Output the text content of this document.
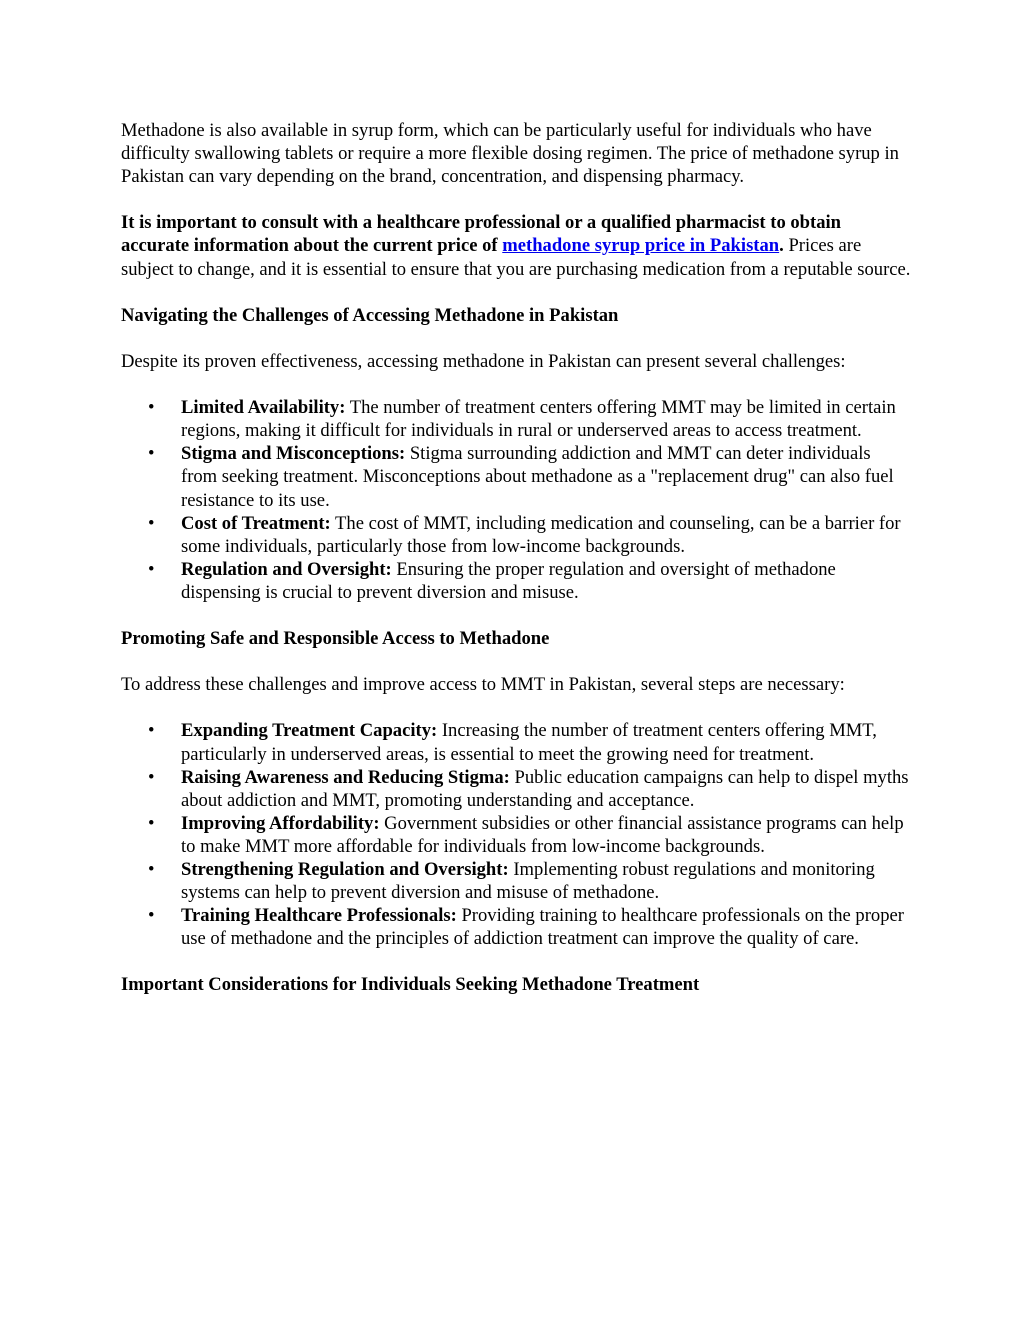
Methadone is also available in syrup form, which can be particularly useful for individuals who have difficulty swallowing tablets or require a more flexible dosing regimen. The price of methadone syrup in Pakistan can vary depending on the brand, concentration, and dispensing pharmacy.

It is important to consult with a healthcare professional or a qualified pharmacist to obtain accurate information about the current price of methadone syrup price in Pakistan. Prices are subject to change, and it is essential to ensure that you are purchasing medication from a reputable source.

Navigating the Challenges of Accessing Methadone in Pakistan

Despite its proven effectiveness, accessing methadone in Pakistan can present several challenges:

• Limited Availability: The number of treatment centers offering MMT may be limited in certain regions, making it difficult for individuals in rural or underserved areas to access treatment.
• Stigma and Misconceptions: Stigma surrounding addiction and MMT can deter individuals from seeking treatment. Misconceptions about methadone as a "replacement drug" can also fuel resistance to its use.
• Cost of Treatment: The cost of MMT, including medication and counseling, can be a barrier for some individuals, particularly those from low-income backgrounds.
• Regulation and Oversight: Ensuring the proper regulation and oversight of methadone dispensing is crucial to prevent diversion and misuse.
Promoting Safe and Responsible Access to Methadone

To address these challenges and improve access to MMT in Pakistan, several steps are necessary:

• Expanding Treatment Capacity: Increasing the number of treatment centers offering MMT, particularly in underserved areas, is essential to meet the growing need for treatment.
• Raising Awareness and Reducing Stigma: Public education campaigns can help to dispel myths about addiction and MMT, promoting understanding and acceptance.
• Improving Affordability: Government subsidies or other financial assistance programs can help to make MMT more affordable for individuals from low-income backgrounds.
• Strengthening Regulation and Oversight: Implementing robust regulations and monitoring systems can help to prevent diversion and misuse of methadone.
• Training Healthcare Professionals: Providing training to healthcare professionals on the proper use of methadone and the principles of addiction treatment can improve the quality of care.
Important Considerations for Individuals Seeking Methadone Treatment
